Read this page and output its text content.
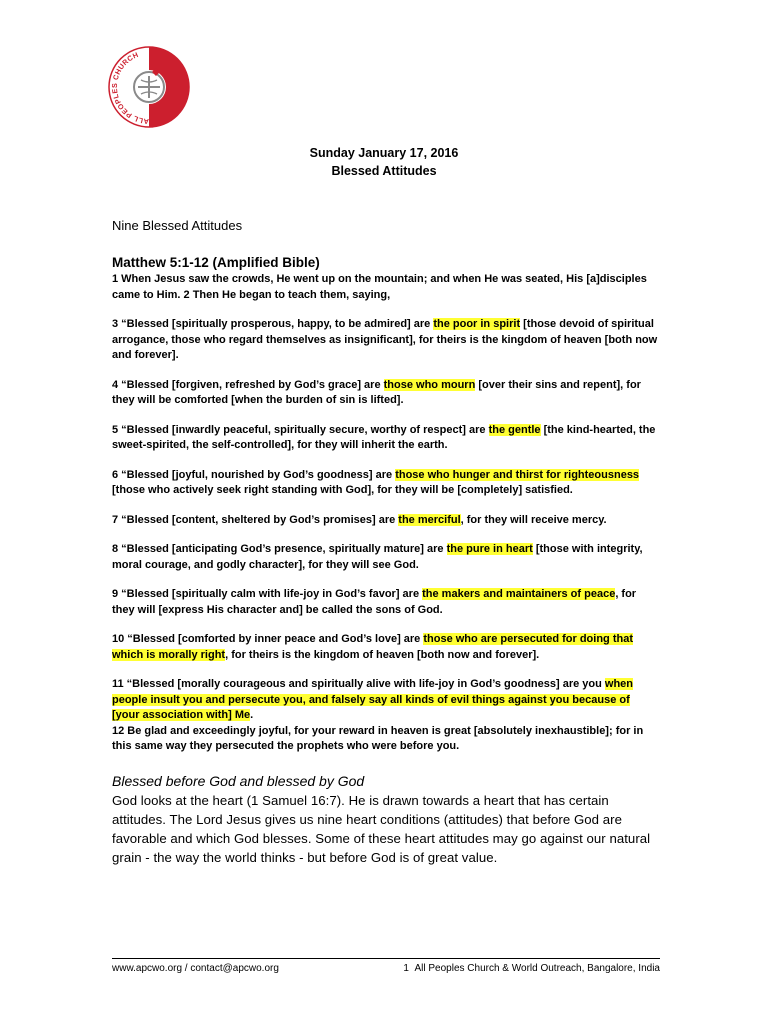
ALL PEOPLES CHURCH
Sunday January 17, 2016
Blessed Attitudes
Nine Blessed Attitudes
Matthew 5:1-12 (Amplified Bible)

1 When Jesus saw the crowds, He went up on the mountain; and when He was seated, His [a]disciples came to Him. 2 Then He began to teach them, saying,

3 “Blessed [spiritually prosperous, happy, to be admired] are the poor in spirit [those devoid of spiritual arrogance, those who regard themselves as insignificant], for theirs is the kingdom of heaven [both now and forever].

4 “Blessed [forgiven, refreshed by God’s grace] are those who mourn [over their sins and repent], for they will be comforted [when the burden of sin is lifted].

5 “Blessed [inwardly peaceful, spiritually secure, worthy of respect] are the gentle [the kind-hearted, the sweet-spirited, the self-controlled], for they will inherit the earth.

6 “Blessed [joyful, nourished by God’s goodness] are those who hunger and thirst for righteousness [those who actively seek right standing with God], for they will be [completely] satisfied.

7 “Blessed [content, sheltered by God’s promises] are the merciful, for they will receive mercy.

8 “Blessed [anticipating God’s presence, spiritually mature] are the pure in heart [those with integrity, moral courage, and godly character], for they will see God.

9 “Blessed [spiritually calm with life-joy in God’s favor] are the makers and maintainers of peace, for they will [express His character and] be called the sons of God.

10 “Blessed [comforted by inner peace and God’s love] are those who are persecuted for doing that which is morally right, for theirs is the kingdom of heaven [both now and forever].

11 “Blessed [morally courageous and spiritually alive with life-joy in God’s goodness] are you when people insult you and persecute you, and falsely say all kinds of evil things against you because of [your association with] Me.

12 Be glad and exceedingly joyful, for your reward in heaven is great [absolutely inexhaustible]; for in this same way they persecuted the prophets who were before you.

Blessed before God and blessed by God

God looks at the heart (1 Samuel 16:7). He is drawn towards a heart that has certain attitudes. The Lord Jesus gives us nine heart conditions (attitudes) that before God are favorable and which God blesses. Some of these heart attitudes may go against our natural grain - the way the world thinks - but before God is of great value.

www.apcwo.org / contact@apcwo.org	1 All Peoples Church & World Outreach, Bangalore, India
